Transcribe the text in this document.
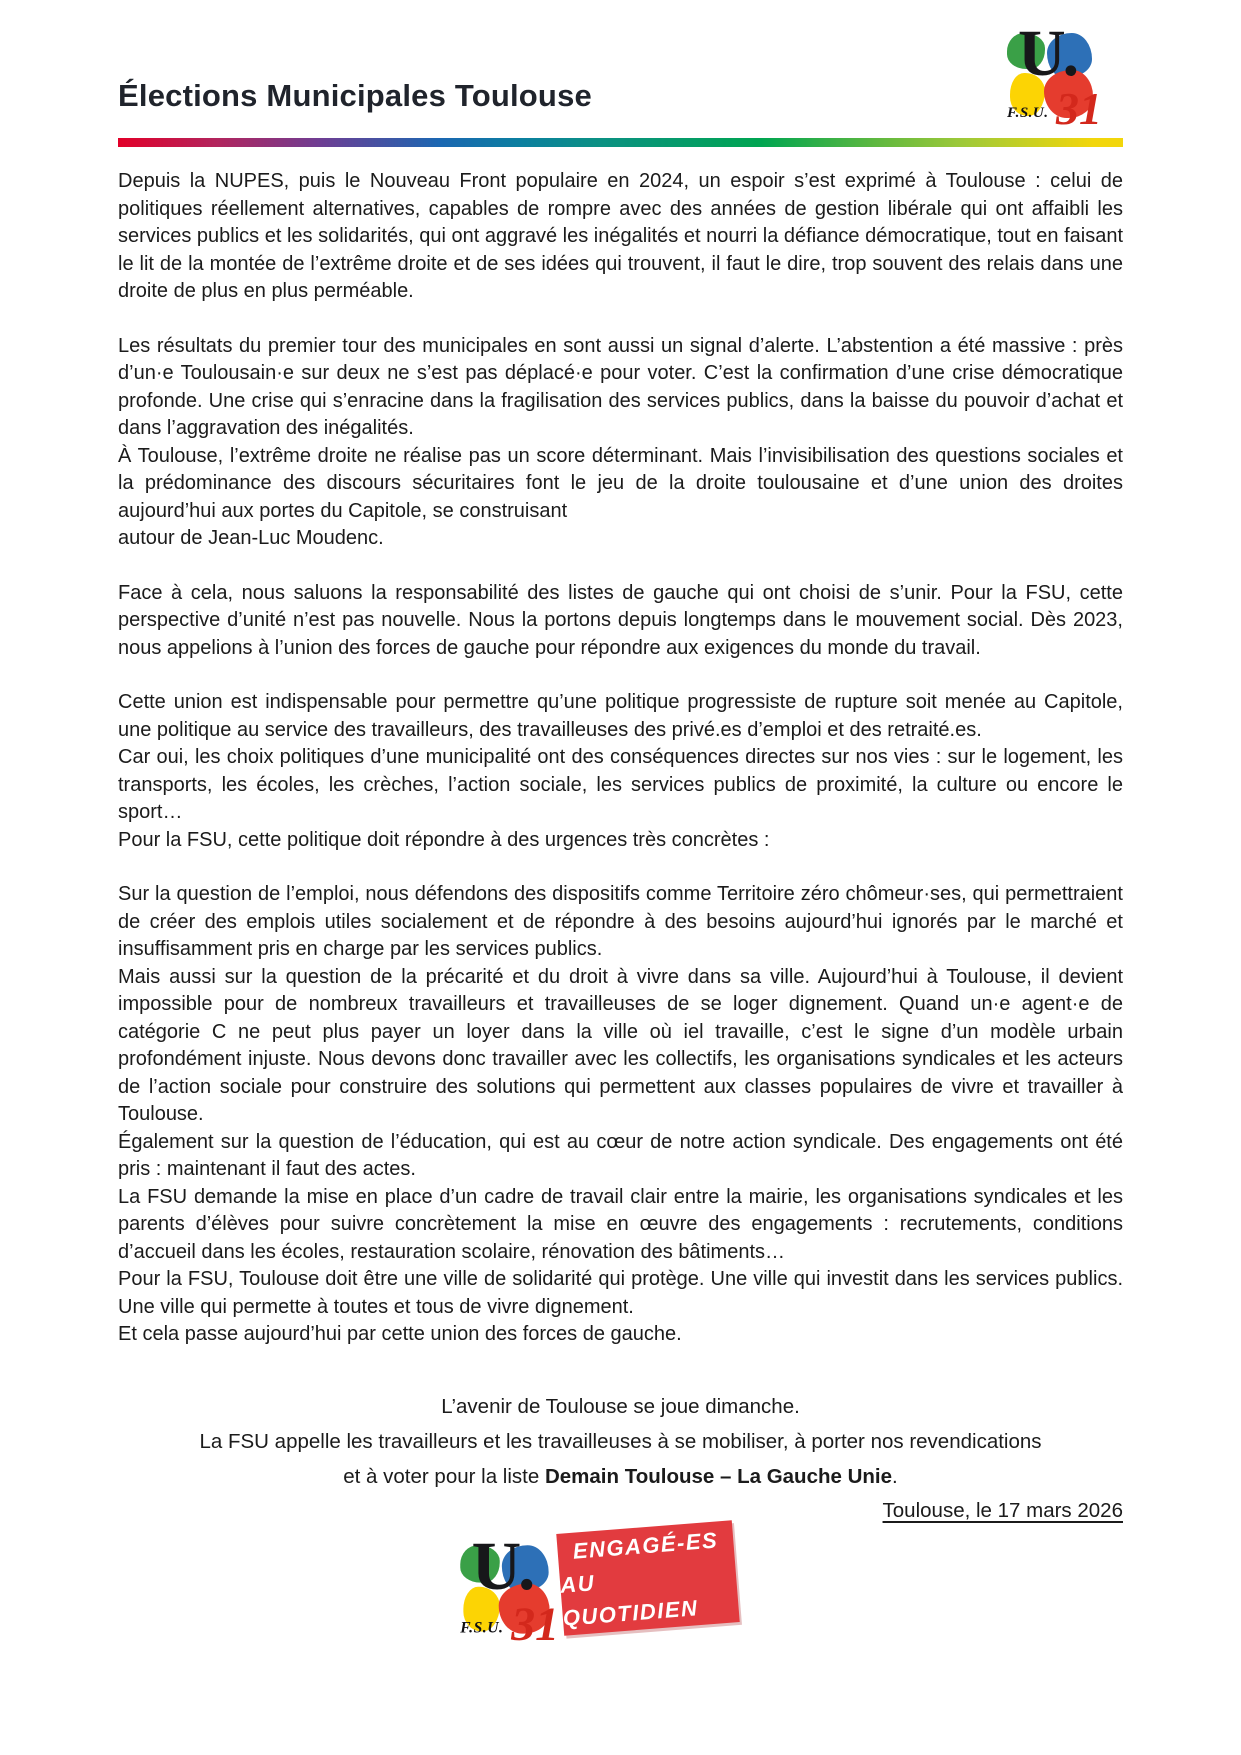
U.
F.S.U. 31
Élections Municipales Toulouse

Depuis la NUPES, puis le Nouveau Front populaire en 2024, un espoir s’est exprimé à Toulouse : celui de politiques réellement alternatives, capables de rompre avec des années de gestion libérale qui ont affaibli les services publics et les solidarités, qui ont aggravé les inégalités et nourri la défiance démocratique, tout en faisant le lit de la montée de l’extrême droite et de ses idées qui trouvent, il faut le dire, trop souvent des relais dans une droite de plus en plus perméable.

Les résultats du premier tour des municipales en sont aussi un signal d’alerte. L’abstention a été massive : près d’un·e Toulousain·e sur deux ne s’est pas déplacé·e pour voter. C’est la confirmation d’une crise démocratique profonde. Une crise qui s’enracine dans la fragilisation des services publics, dans la baisse du pouvoir d’achat et dans l’aggravation des inégalités.

À Toulouse, l’extrême droite ne réalise pas un score déterminant. Mais l’invisibilisation des questions sociales et la prédominance des discours sécuritaires font le jeu de la droite toulousaine et d’une union des droites aujourd’hui aux portes du Capitole, se construisant

autour de Jean-Luc Moudenc.

Face à cela, nous saluons la responsabilité des listes de gauche qui ont choisi de s’unir. Pour la FSU, cette perspective d’unité n’est pas nouvelle. Nous la portons depuis longtemps dans le mouvement social. Dès 2023, nous appelions à l’union des forces de gauche pour répondre aux exigences du monde du travail.

Cette union est indispensable pour permettre qu’une politique progressiste de rupture soit menée au Capitole, une politique au service des travailleurs, des travailleuses des privé.es d’emploi et des retraité.es.

Car oui, les choix politiques d’une municipalité ont des conséquences directes sur nos vies : sur le logement, les transports, les écoles, les crèches, l’action sociale, les services publics de proximité, la culture ou encore le sport…

Pour la FSU, cette politique doit répondre à des urgences très concrètes :

Sur la question de l’emploi, nous défendons des dispositifs comme Territoire zéro chômeur·ses, qui permettraient de créer des emplois utiles socialement et de répondre à des besoins aujourd’hui ignorés par le marché et insuffisamment pris en charge par les services publics.

Mais aussi sur la question de la précarité et du droit à vivre dans sa ville. Aujourd’hui à Toulouse, il devient impossible pour de nombreux travailleurs et travailleuses de se loger dignement. Quand un·e agent·e de catégorie C ne peut plus payer un loyer dans la ville où iel travaille, c’est le signe d’un modèle urbain profondément injuste. Nous devons donc travailler avec les collectifs, les organisations syndicales et les acteurs de l’action sociale pour construire des solutions qui permettent aux classes populaires de vivre et travailler à Toulouse.

Également sur la question de l’éducation, qui est au cœur de notre action syndicale. Des engagements ont été pris : maintenant il faut des actes.

La FSU demande la mise en place d’un cadre de travail clair entre la mairie, les organisations syndicales et les parents d’élèves pour suivre concrètement la mise en œuvre des engagements : recrutements, conditions d’accueil dans les écoles, restauration scolaire, rénovation des bâtiments…

Pour la FSU, Toulouse doit être une ville de solidarité qui protège. Une ville qui investit dans les services publics. Une ville qui permette à toutes et tous de vivre dignement.

Et cela passe aujourd’hui par cette union des forces de gauche.

L’avenir de Toulouse se joue dimanche.
La FSU appelle les travailleurs et les travailleuses à se mobiliser, à porter nos revendications
et à voter pour la liste Demain Toulouse – La Gauche Unie.
Toulouse, le 17 mars 2026
U.
F.S.U. 31
ENGAGÉ-ES
AU QUOTIDIEN
